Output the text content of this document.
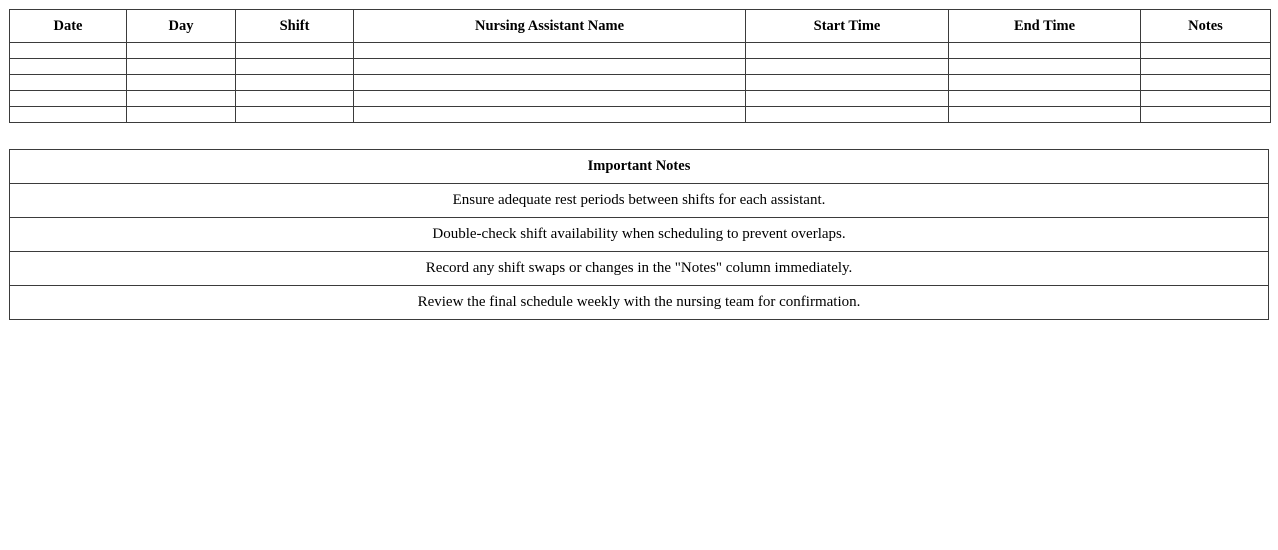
Date	Day	Shift	Nursing Assistant Name	Start Time	End Time	Notes

Important Notes
Ensure adequate rest periods between shifts for each assistant.
Double-check shift availability when scheduling to prevent overlaps.
Record any shift swaps or changes in the "Notes" column immediately.
Review the final schedule weekly with the nursing team for confirmation.
